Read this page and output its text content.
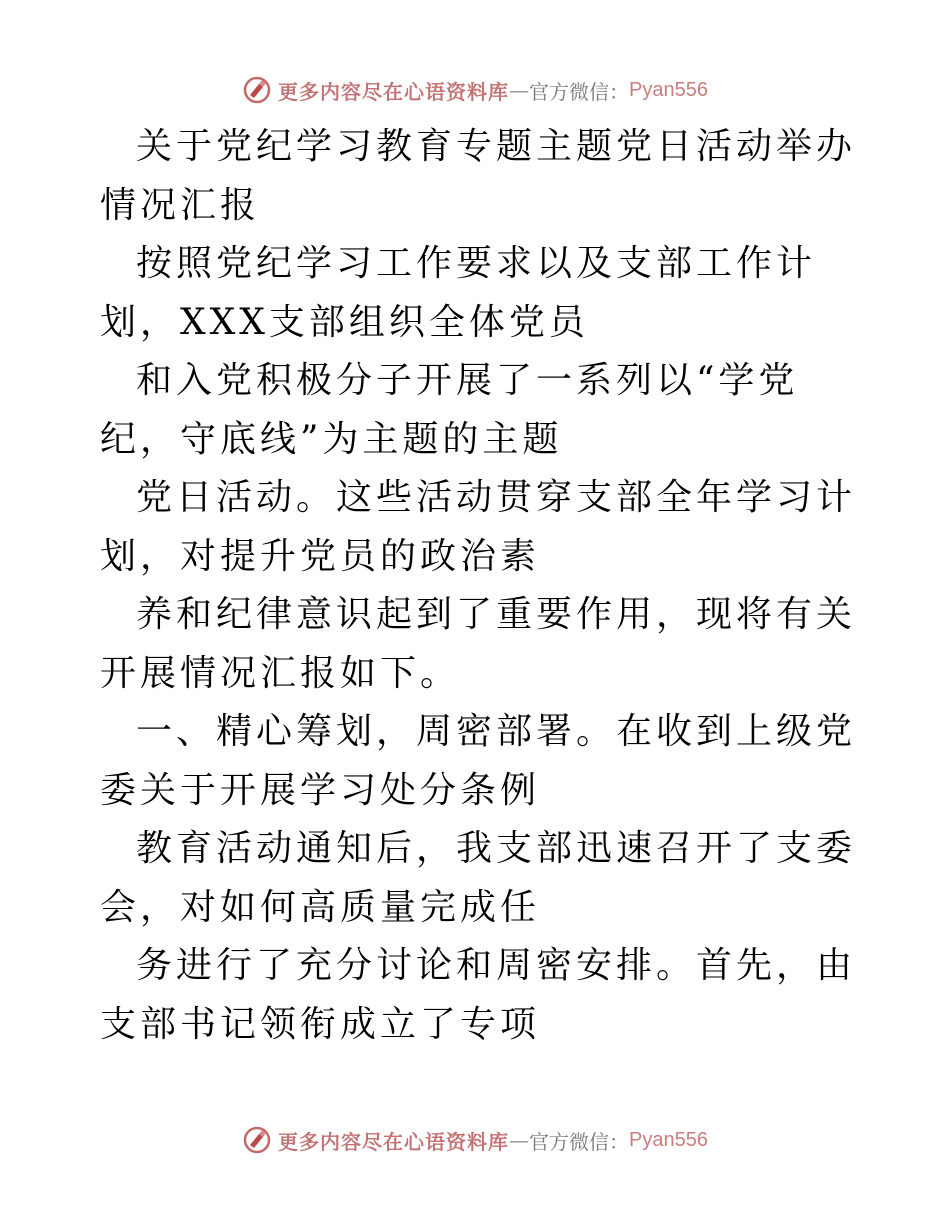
更多内容尽在心语资料库 — 官方微信： Pyan556

关于党纪学习教育专题主题党日活动举办情况汇报

按照党纪学习工作要求以及支部工作计划，XXX支部组织全体党员

和入党积极分子开展了一系列以“学党纪，守底线”为主题的主题

党日活动。这些活动贯穿支部全年学习计划，对提升党员的政治素

养和纪律意识起到了重要作用，现将有关开展情况汇报如下。

一、精心筹划，周密部署。在收到上级党委关于开展学习处分条例

教育活动通知后，我支部迅速召开了支委会，对如何高质量完成任

务进行了充分讨论和周密安排。首先，由支部书记领衔成立了专项

更多内容尽在心语资料库 — 官方微信： Pyan556
